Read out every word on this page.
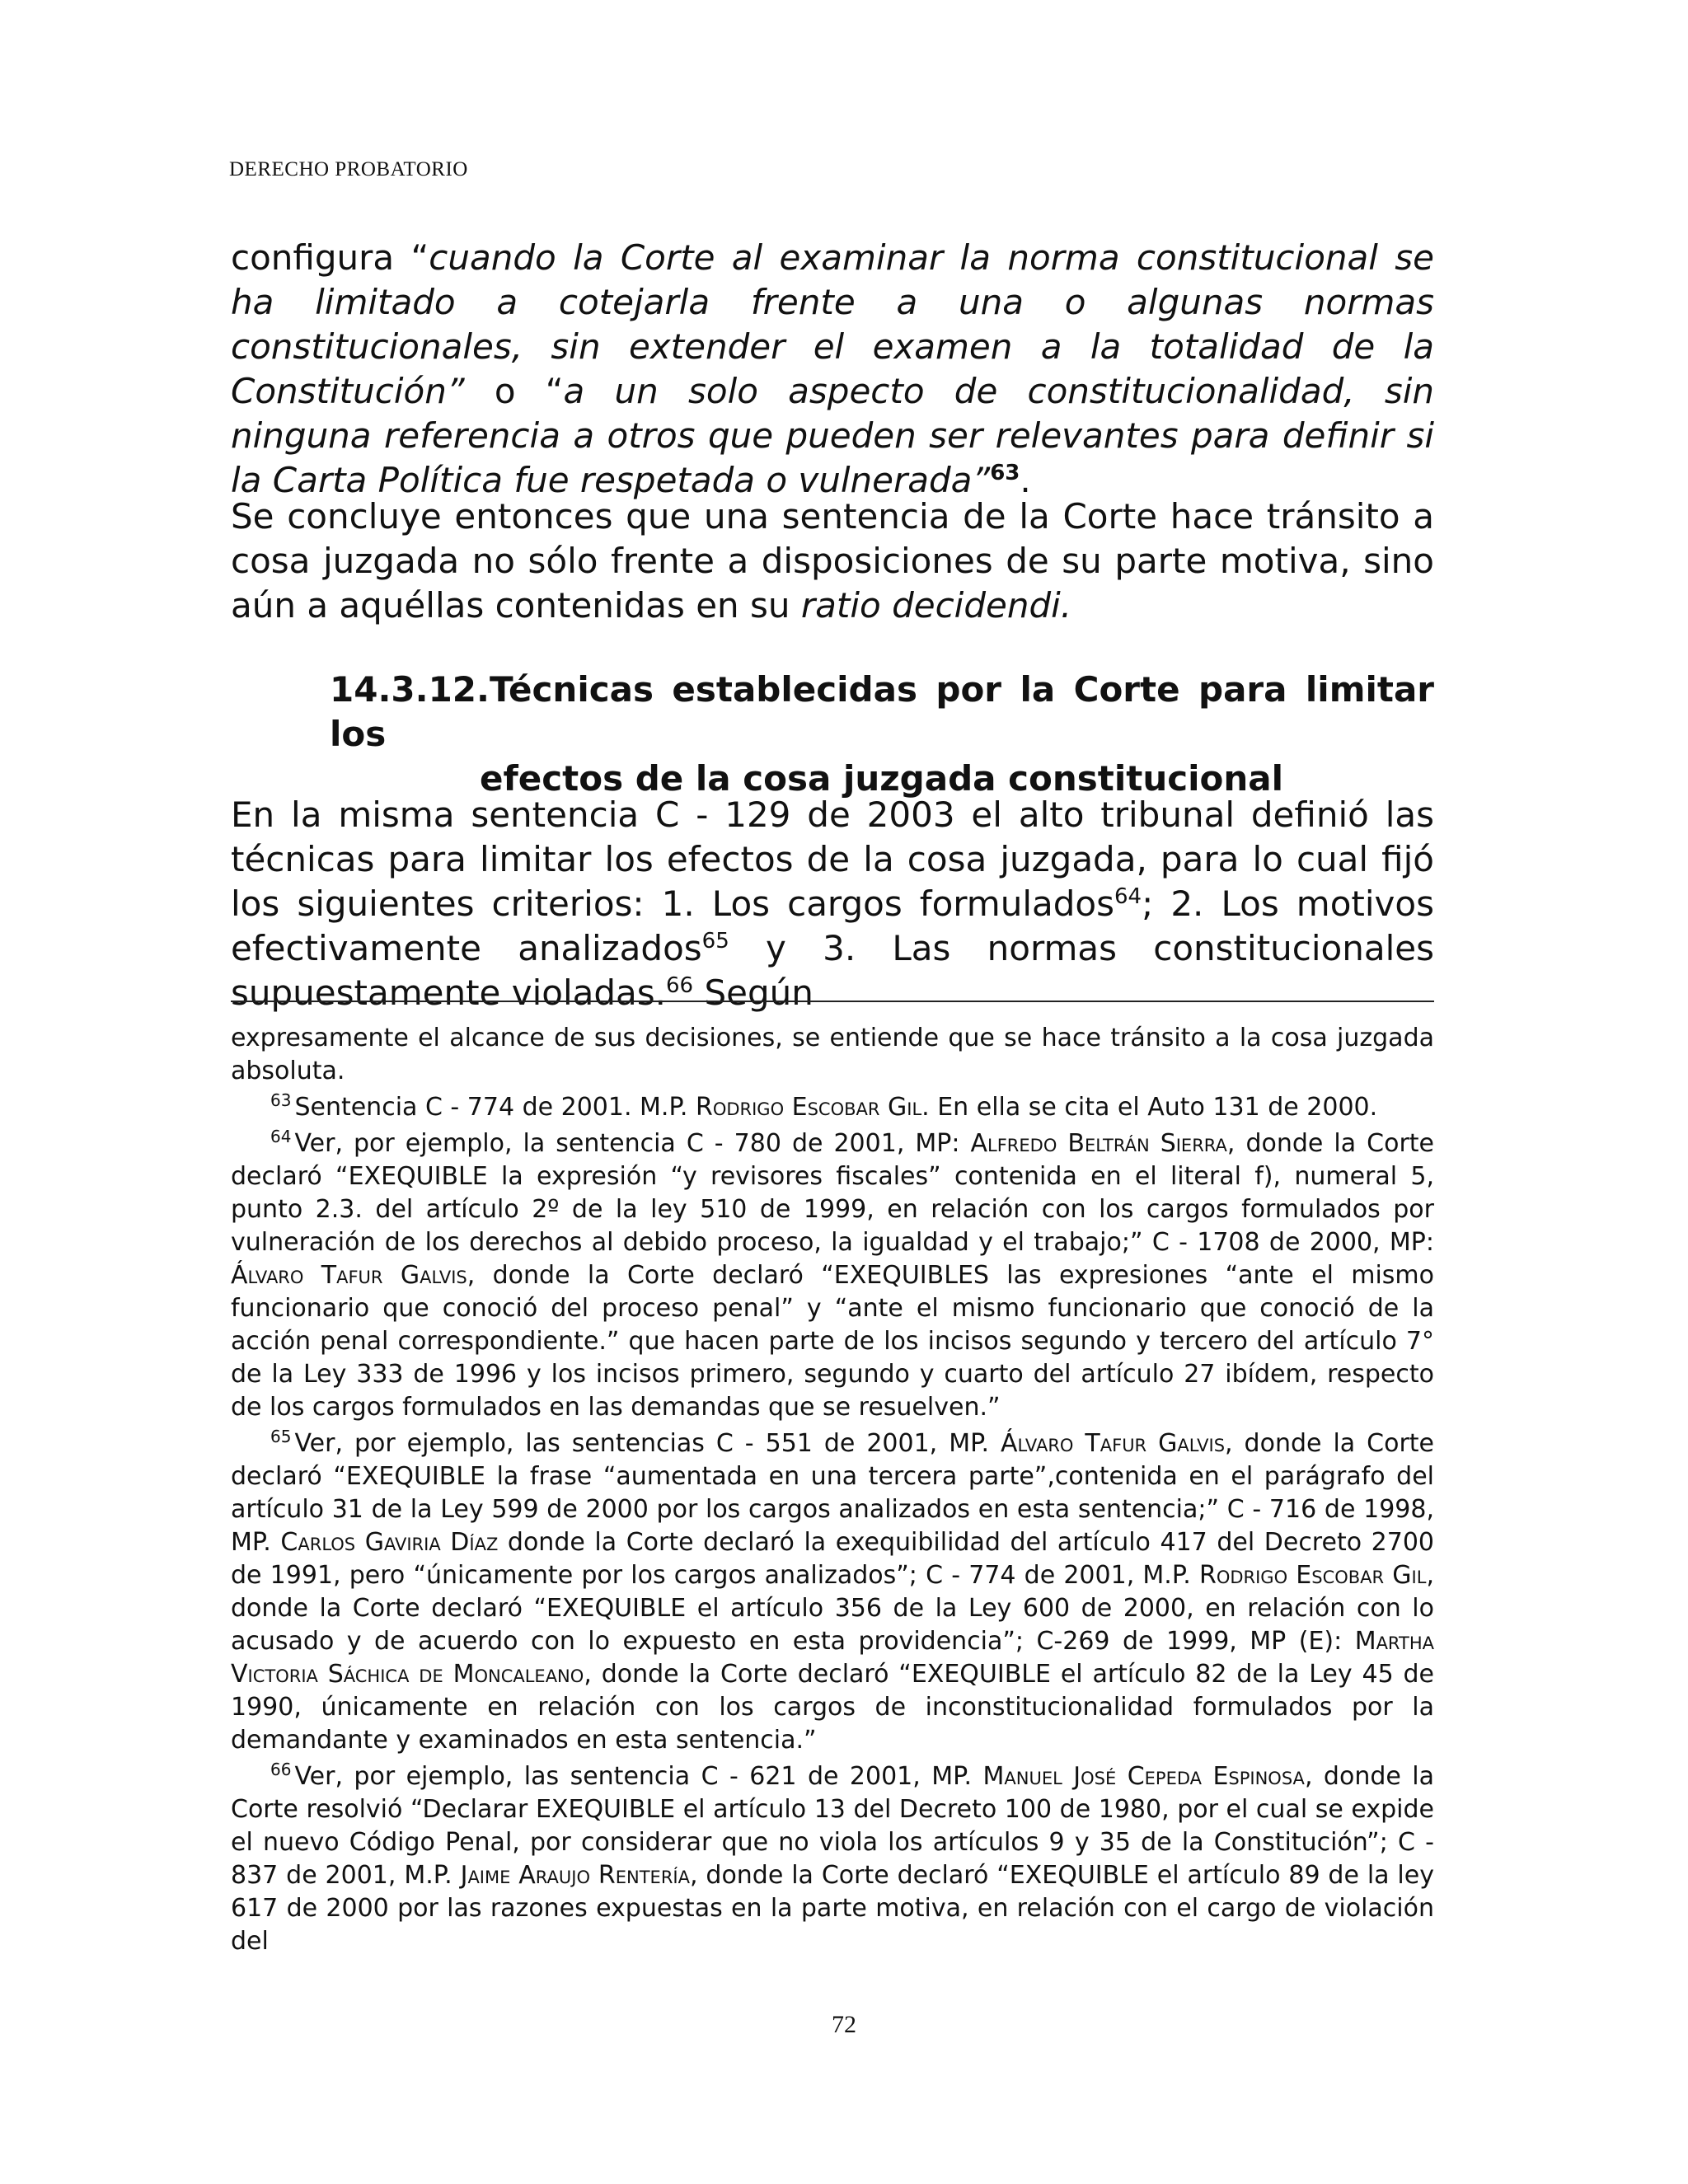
DERECHO PROBATORIO

configura “cuando la Corte al examinar la norma constitucional se ha limitado a cotejarla frente a una o algunas normas constitucionales, sin extender el examen a la totalidad de la Constitución” o “a un solo aspecto de constitucionalidad, sin ninguna referencia a otros que pueden ser relevantes para definir si la Carta Política fue respetada o vulnerada”$^{63}$.

Se concluye entonces que una sentencia de la Corte hace tránsito a cosa juzgada no sólo frente a disposiciones de su parte motiva, sino aún a aquéllas contenidas en su ratio decidendi.

14.3.12.Técnicas establecidas por la Corte para limitar los
efectos de la cosa juzgada constitucional

En la misma sentencia C - 129 de 2003 el alto tribunal definió las técnicas para limitar los efectos de la cosa juzgada, para lo cual fijó los siguientes criterios: 1. Los cargos formulados$^{64}$; 2. Los motivos efectivamente analizados$^{65}$ y 3. Las normas constitucionales supuestamente violadas.$^{66}$ Según

expresamente el alcance de sus decisiones, se entiende que se hace tránsito a la cosa juzgada absoluta.

$^{63}$ Sentencia C - 774 de 2001. M.P. Rodrigo Escobar Gil. En ella se cita el Auto 131 de 2000.

$^{64}$ Ver, por ejemplo, la sentencia C - 780 de 2001, MP: Alfredo Beltrán Sierra, donde la Corte declaró “EXEQUIBLE la expresión “y revisores fiscales” contenida en el literal f), numeral 5, punto 2.3. del artículo 2º de la ley 510 de 1999, en relación con los cargos formulados por vulneración de los derechos al debido proceso, la igualdad y el trabajo;” C - 1708 de 2000, MP: Álvaro Tafur Galvis, donde la Corte declaró “EXEQUIBLES las expresiones “ante el mismo funcionario que conoció del proceso penal” y “ante el mismo funcionario que conoció de la acción penal correspondiente.” que hacen parte de los incisos segundo y tercero del artículo 7° de la Ley 333 de 1996 y los incisos primero, segundo y cuarto del artículo 27 ibídem, respecto de los cargos formulados en las demandas que se resuelven.”

$^{65}$ Ver, por ejemplo, las sentencias C - 551 de 2001, MP. Álvaro Tafur Galvis, donde la Corte declaró “EXEQUIBLE la frase “aumentada en una tercera parte”,contenida en el parágrafo del artículo 31 de la Ley 599 de 2000 por los cargos analizados en esta sentencia;” C - 716 de 1998, MP. Carlos Gaviria Díaz donde la Corte declaró la exequibilidad del artículo 417 del Decreto 2700 de 1991, pero “únicamente por los cargos analizados”; C - 774 de 2001, M.P. Rodrigo Escobar Gil, donde la Corte declaró “EXEQUIBLE el artículo 356 de la Ley 600 de 2000, en relación con lo acusado y de acuerdo con lo expuesto en esta providencia”; C-269 de 1999, MP (E): Martha Victoria Sáchica de Moncaleano, donde la Corte declaró “EXEQUIBLE el artículo 82 de la Ley 45 de 1990, únicamente en relación con los cargos de inconstitucionalidad formulados por la demandante y examinados en esta sentencia.”

$^{66}$ Ver, por ejemplo, las sentencia C - 621 de 2001, MP. Manuel José Cepeda Espinosa, donde la Corte resolvió “Declarar EXEQUIBLE el artículo 13 del Decreto 100 de 1980, por el cual se expide el nuevo Código Penal, por considerar que no viola los artículos 9 y 35 de la Constitución”; C - 837 de 2001, M.P. Jaime Araujo Rentería, donde la Corte declaró “EXEQUIBLE el artículo 89 de la ley 617 de 2000 por las razones expuestas en la parte motiva, en relación con el cargo de violación del

72
